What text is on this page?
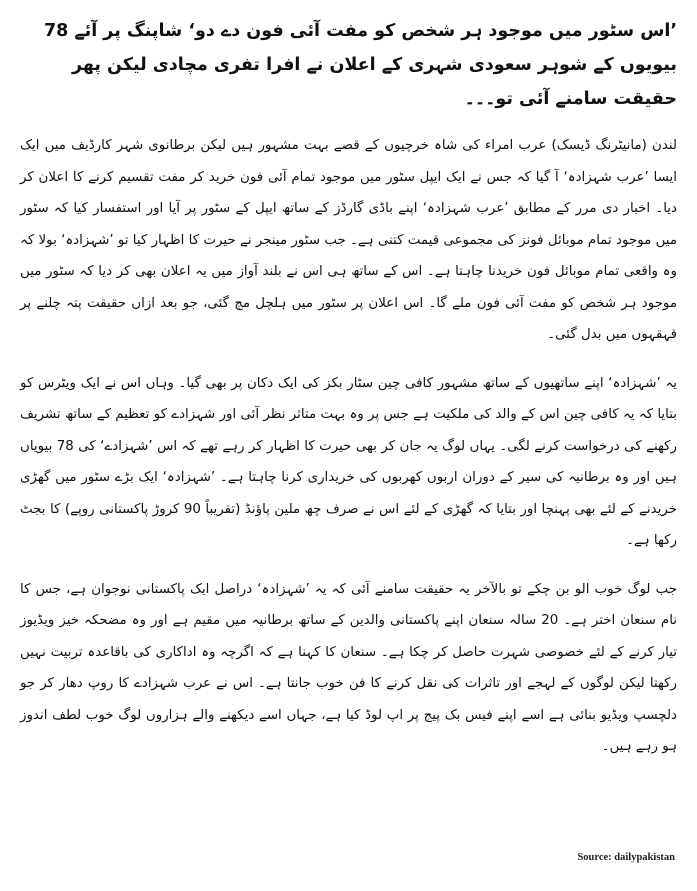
’اس سٹور میں موجود ہر شخص کو مفت آئی فون دے دو‘ شاپنگ پر آئے 78 بیویوں کے شوہر سعودی شہری کے اعلان نے افرا تفری مچادی لیکن پھر حقیقت سامنے آئی تو۔۔۔

لندن (مانیٹرنگ ڈیسک) عرب امراء کی شاہ خرچیوں کے قصے بہت مشہور ہیں لیکن برطانوی شہر کارڈیف میں ایک ایسا ’عرب شہزادہ‘ آ گیا کہ جس نے ایک ایپل سٹور میں موجود تمام آئی فون خرید کر مفت تقسیم کرنے کا اعلان کر دیا۔ اخبار دی مرر کے مطابق ’عرب شہزادہ‘ اپنے باڈی گارڈز کے ساتھ ایپل کے سٹور پر آیا اور استفسار کیا کہ سٹور میں موجود تمام موبائل فونز کی مجموعی قیمت کتنی ہے۔ جب سٹور مینجر نے حیرت کا اظہار کیا تو ’شہزادہ‘ بولا کہ وہ واقعی تمام موبائل فون خریدنا چاہتا ہے۔ اس کے ساتھ ہی اس نے بلند آواز میں یہ اعلان بھی کر دیا کہ سٹور میں موجود ہر شخص کو مفت آئی فون ملے گا۔ اس اعلان پر سٹور میں ہلچل مچ گئی، جو بعد ازاں حقیقت پتہ چلنے پر قہقہوں میں بدل گئی۔

یہ ’شہزادہ‘ اپنے ساتھیوں کے ساتھ مشہور کافی چین سٹار بکز کی ایک دکان پر بھی گیا۔ وہاں اس نے ایک ویٹرس کو بتایا کہ یہ کافی چین اس کے والد کی ملکیت ہے جس پر وہ بہت متاثر نظر آئی اور شہزادے کو تعظیم کے ساتھ تشریف رکھنے کی درخواست کرنے لگی۔ یہاں لوگ یہ جان کر بھی حیرت کا اظہار کر رہے تھے کہ اس ’شہزادے‘ کی 78 بیویاں ہیں اور وہ برطانیہ کی سیر کے دوران اربوں کھربوں کی خریداری کرنا چاہتا ہے۔ ’شہزادہ‘ ایک بڑے سٹور میں گھڑی خریدنے کے لئے بھی پہنچا اور بتایا کہ گھڑی کے لئے اس نے صرف چھ ملین پاﺅنڈ (تقریباً 90 کروڑ پاکستانی روپے) کا بجٹ رکھا ہے۔

جب لوگ خوب الو بن چکے تو بالآخر یہ حقیقت سامنے آئی کہ یہ ’شہزادہ‘ دراصل ایک پاکستانی نوجوان ہے، جس کا نام سنعان اختر ہے۔ 20 سالہ سنعان اپنے پاکستانی والدین کے ساتھ برطانیہ میں مقیم ہے اور وہ مضحکہ خیز ویڈیوز تیار کرنے کے لئے خصوصی شہرت حاصل کر چکا ہے۔ سنعان کا کہنا ہے کہ اگرچہ وہ اداکاری کی باقاعدہ تربیت نہیں رکھتا لیکن لوگوں کے لہجے اور تاثرات کی نقل کرنے کا فن خوب جانتا ہے۔ اس نے عرب شہزادے کا روپ دھار کر جو دلچسپ ویڈیو بنائی ہے اسے اپنے فیس بک پیج پر اپ لوڈ کیا ہے، جہاں اسے دیکھنے والے ہزاروں لوگ خوب لطف اندوز ہو رہے ہیں۔

Source: dailypakistan
